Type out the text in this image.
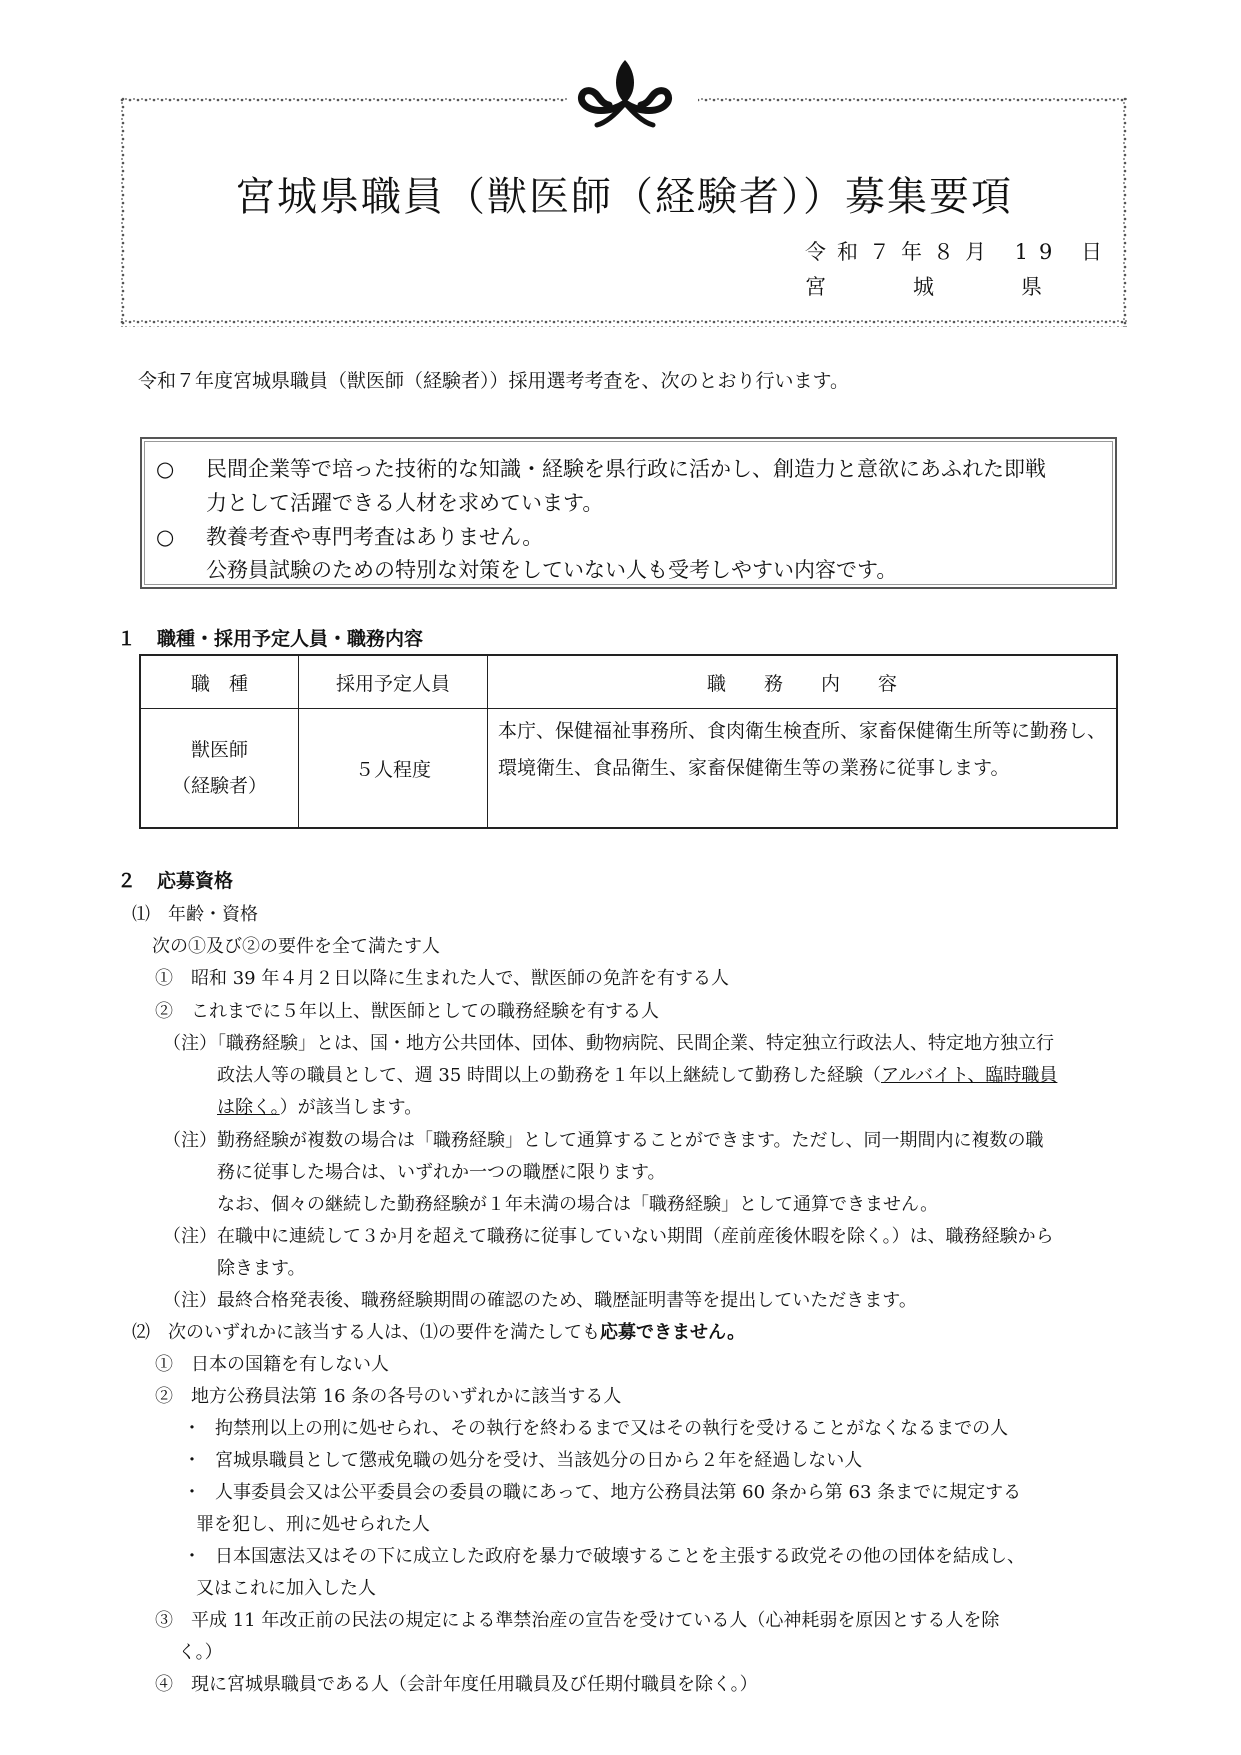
宮城県職員（獣医師（経験者））募集要項
令和７年８月 19 日
宮	城	県
令和７年度宮城県職員（獣医師（経験者））採用選考考査を、次のとおり行います。
○ 民間企業等で培った技術的な知識・経験を県行政に活かし、創造力と意欲にあふれた即戦
力として活躍できる人材を求めています。
○ 教養考査や専門考査はありません。
公務員試験のための特別な対策をしていない人も受考しやすい内容です。
１ 職種・採用予定人員・職務内容
職　種	採用予定人員	職　　務　　内　　容

獣医師
（経験者）	５人程度	本庁、保健福祉事務所、食肉衛生検査所、家畜保健衛生所等に勤務し、環境衛生、食品衛生、家畜保健衛生等の業務に従事します。
２ 応募資格
⑴　年齢・資格
次の①及び②の要件を全て満たす人
①　昭和 39 年４月２日以降に生まれた人で、獣医師の免許を有する人
②　これまでに５年以上、獣医師としての職務経験を有する人
（注）「職務経験」とは、国・地方公共団体、団体、動物病院、民間企業、特定独立行政法人、特定地方独立行
政法人等の職員として、週 35 時間以上の勤務を１年以上継続して勤務した経験（アルバイト、臨時職員
は除く。）が該当します。
（注）勤務経験が複数の場合は「職務経験」として通算することができます。ただし、同一期間内に複数の職
務に従事した場合は、いずれか一つの職歴に限ります。
なお、個々の継続した勤務経験が１年未満の場合は「職務経験」として通算できません。
（注）在職中に連続して３か月を超えて職務に従事していない期間（産前産後休暇を除く。）は、職務経験から
除きます。
（注）最終合格発表後、職務経験期間の確認のため、職歴証明書等を提出していただきます。
⑵　次のいずれかに該当する人は、⑴の要件を満たしても応募できません。
①　日本の国籍を有しない人
②　地方公務員法第 16 条の各号のいずれかに該当する人
・ 拘禁刑以上の刑に処せられ、その執行を終わるまで又はその執行を受けることがなくなるまでの人
・ 宮城県職員として懲戒免職の処分を受け、当該処分の日から２年を経過しない人
・ 人事委員会又は公平委員会の委員の職にあって、地方公務員法第 60 条から第 63 条までに規定する
罪を犯し、刑に処せられた人
・ 日本国憲法又はその下に成立した政府を暴力で破壊することを主張する政党その他の団体を結成し、
又はこれに加入した人
③　平成 11 年改正前の民法の規定による準禁治産の宣告を受けている人（心神耗弱を原因とする人を除
く。）
④　現に宮城県職員である人（会計年度任用職員及び任期付職員を除く。）
